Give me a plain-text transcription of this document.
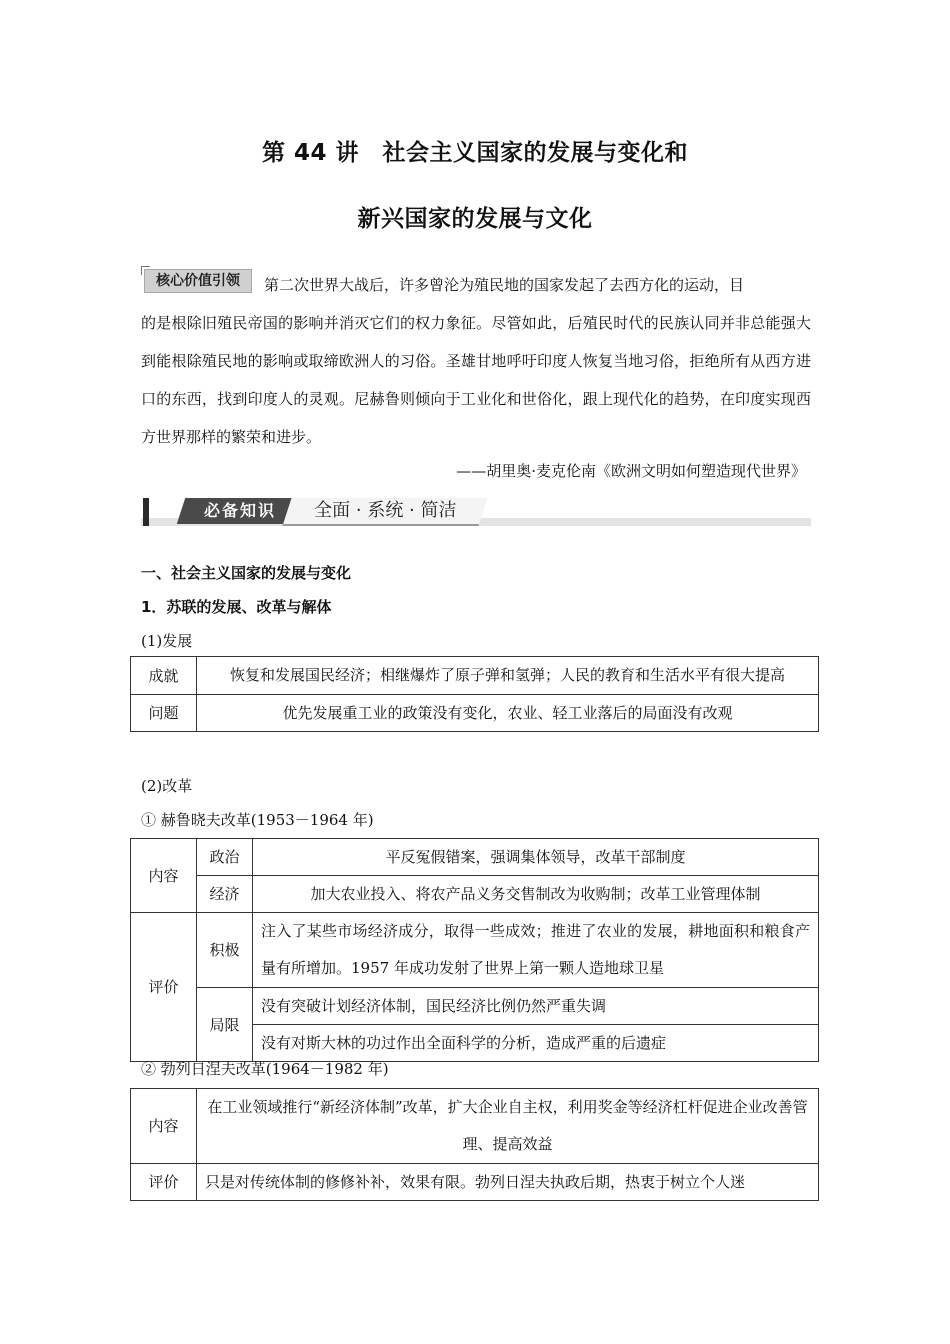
第 44 讲　社会主义国家的发展与变化和
新兴国家的发展与文化
核心价值引领	第二次世界大战后，许多曾沦为殖民地的国家发起了去西方化的运动，目
的是根除旧殖民帝国的影响并消灭它们的权力象征。尽管如此，后殖民时代的民族认同并非总能强大到能根除殖民地的影响或取缔欧洲人的习俗。圣雄甘地呼吁印度人恢复当地习俗，拒绝所有从西方进口的东西，找到印度人的灵观。尼赫鲁则倾向于工业化和世俗化，跟上现代化的趋势，在印度实现西方世界那样的繁荣和进步。
——胡里奥·麦克伦南《欧洲文明如何塑造现代世界》
必备知识	全面 · 系统 · 简洁
一、社会主义国家的发展与变化
1．苏联的发展、改革与解体
(1)发展
成就	恢复和发展国民经济；相继爆炸了原子弹和氢弹；人民的教育和生活水平有很大提高
问题	优先发展重工业的政策没有变化，农业、轻工业落后的局面没有改观
(2)改革
① 赫鲁晓夫改革(1953－1964 年)
内容	政治	平反冤假错案，强调集体领导，改革干部制度
	经济	加大农业投入、将农产品义务交售制改为收购制；改革工业管理体制
评价	积极	注入了某些市场经济成分，取得一些成效；推进了农业的发展，耕地面积和粮食产量有所增加。1957 年成功发射了世界上第一颗人造地球卫星
	局限	没有突破计划经济体制，国民经济比例仍然严重失调
		没有对斯大林的功过作出全面科学的分析，造成严重的后遗症
② 勃列日涅夫改革(1964－1982 年)
内容	在工业领域推行“新经济体制”改革，扩大企业自主权，利用奖金等经济杠杆促进企业改善管理、提高效益
评价	只是对传统体制的修修补补，效果有限。勃列日涅夫执政后期，热衷于树立个人迷
